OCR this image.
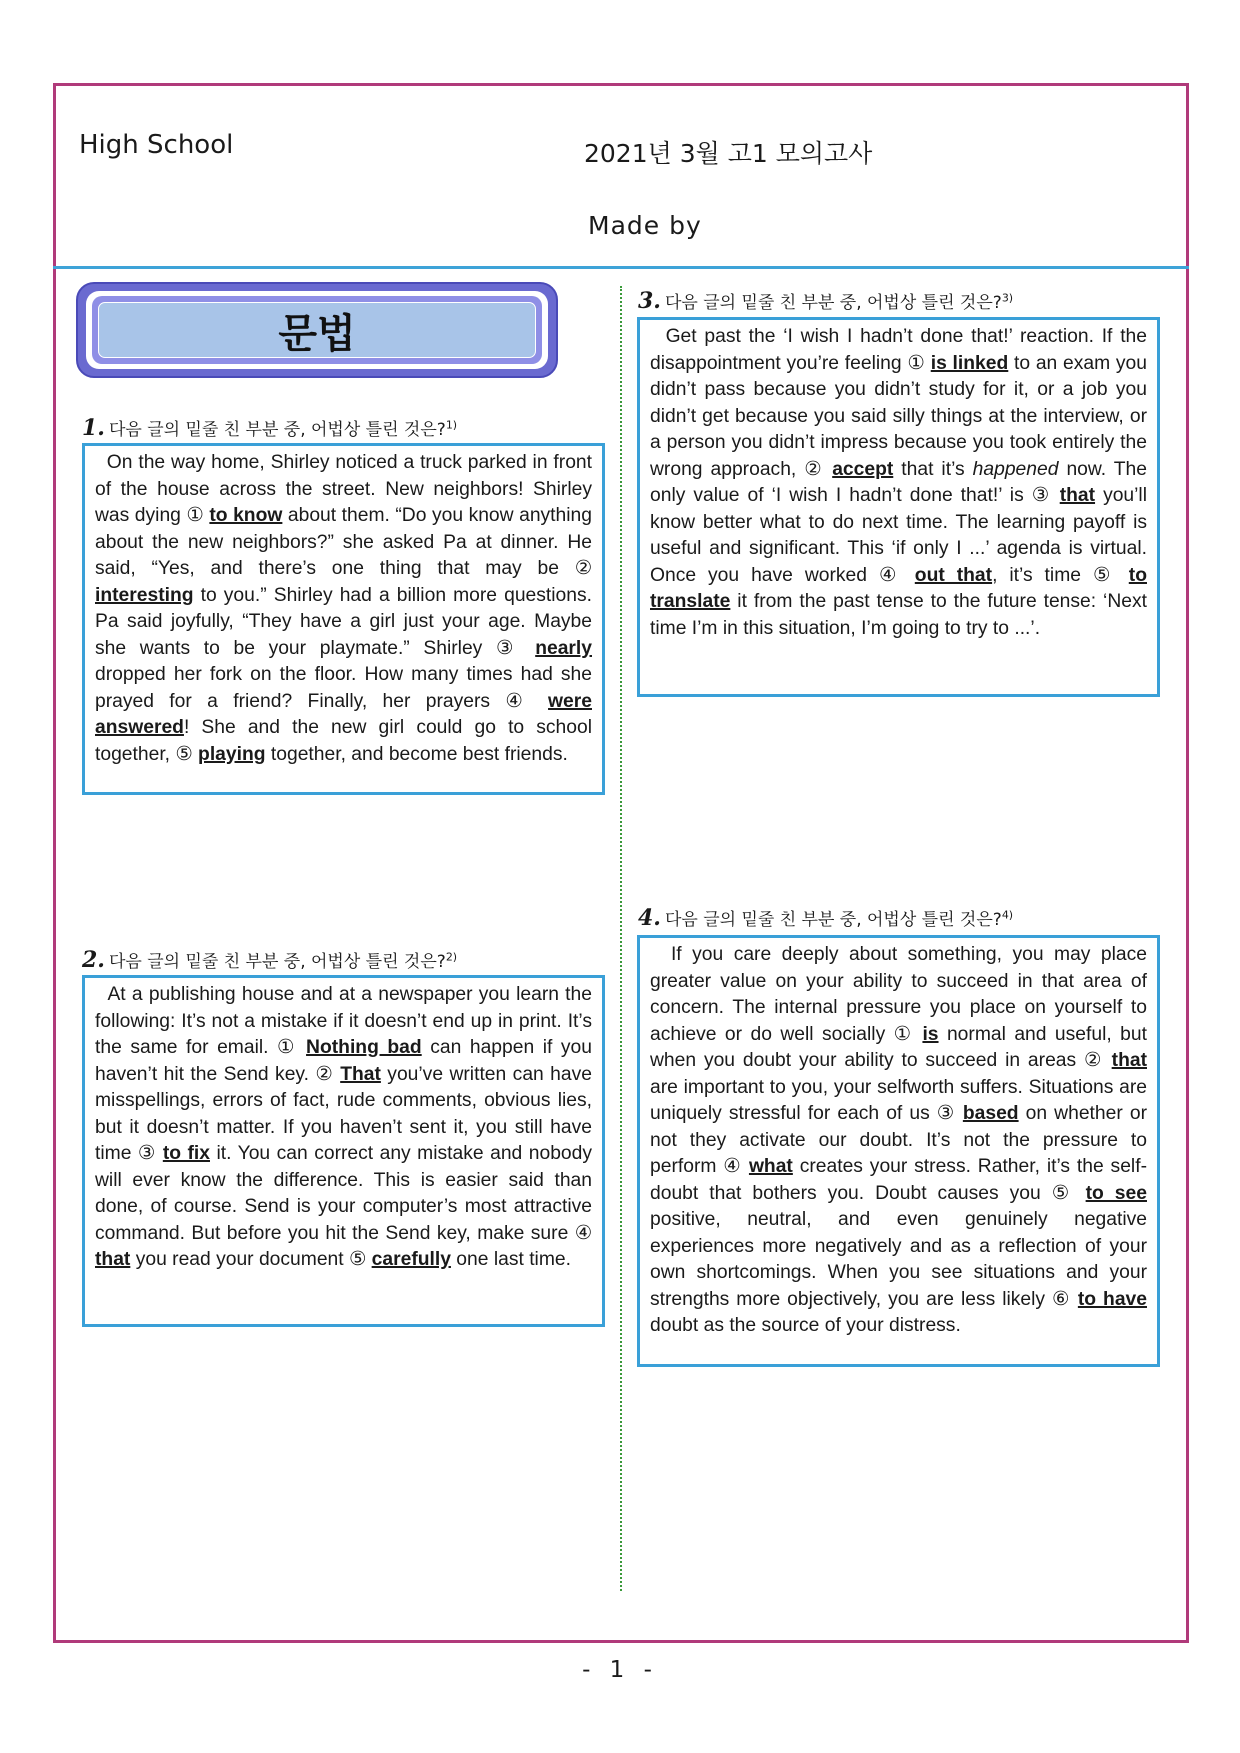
High School	2021년 3월 고1 모의고사
Made by
문법
1. 다음 글의 밑줄 친 부분 중, 어법상 틀린 것은?$^{1)}$
On the way home, Shirley noticed a truck parked in front of the house across the street. New neighbors! Shirley was dying ① to know about them. “Do you know anything about the new neighbors?” she asked Pa at dinner. He said, “Yes, and there’s one thing that may be ② interesting to you.” Shirley had a billion more questions. Pa said joyfully, “They have a girl just your age. Maybe she wants to be your playmate.” Shirley ③ nearly dropped her fork on the floor. How many times had she prayed for a friend? Finally, her prayers ④ were answered! She and the new girl could go to school together, ⑤ playing together, and become best friends.
2. 다음 글의 밑줄 친 부분 중, 어법상 틀린 것은?$^{2)}$
At a publishing house and at a newspaper you learn the following: It’s not a mistake if it doesn’t end up in print. It’s the same for email. ① Nothing bad can happen if you haven’t hit the Send key. ② That you’ve written can have misspellings, errors of fact, rude comments, obvious lies, but it doesn’t matter. If you haven’t sent it, you still have time ③ to fix it. You can correct any mistake and nobody will ever know the difference. This is easier said than done, of course. Send is your computer’s most attractive command. But before you hit the Send key, make sure ④ that you read your document ⑤ carefully one last time.
3. 다음 글의 밑줄 친 부분 중, 어법상 틀린 것은?$^{3)}$
Get past the ‘I wish I hadn’t done that!’ reaction. If the disappointment you’re feeling ① is linked to an exam you didn’t pass because you didn’t study for it, or a job you didn’t get because you said silly things at the interview, or a person you didn’t impress because you took entirely the wrong approach, ② accept that it’s happened now. The only value of ‘I wish I hadn’t done that!’ is ③ that you’ll know better what to do next time. The learning payoff is useful and significant. This ‘if only I ...’ agenda is virtual. Once you have worked ④ out that, it’s time ⑤ to translate it from the past tense to the future tense: ‘Next time I’m in this situation, I’m going to try to ...’.
4. 다음 글의 밑줄 친 부분 중, 어법상 틀린 것은?$^{4)}$
If you care deeply about something, you may place greater value on your ability to succeed in that area of concern. The internal pressure you place on yourself to achieve or do well socially ① is normal and useful, but when you doubt your ability to succeed in areas ② that are important to you, your selfworth suffers. Situations are uniquely stressful for each of us ③ based on whether or not they activate our doubt. It’s not the pressure to perform ④ what creates your stress. Rather, it’s the self-doubt that bothers you. Doubt causes you ⑤ to see positive, neutral, and even genuinely negative experiences more negatively and as a reflection of your own shortcomings. When you see situations and your strengths more objectively, you are less likely ⑥ to have doubt as the source of your distress.
- 1 -
